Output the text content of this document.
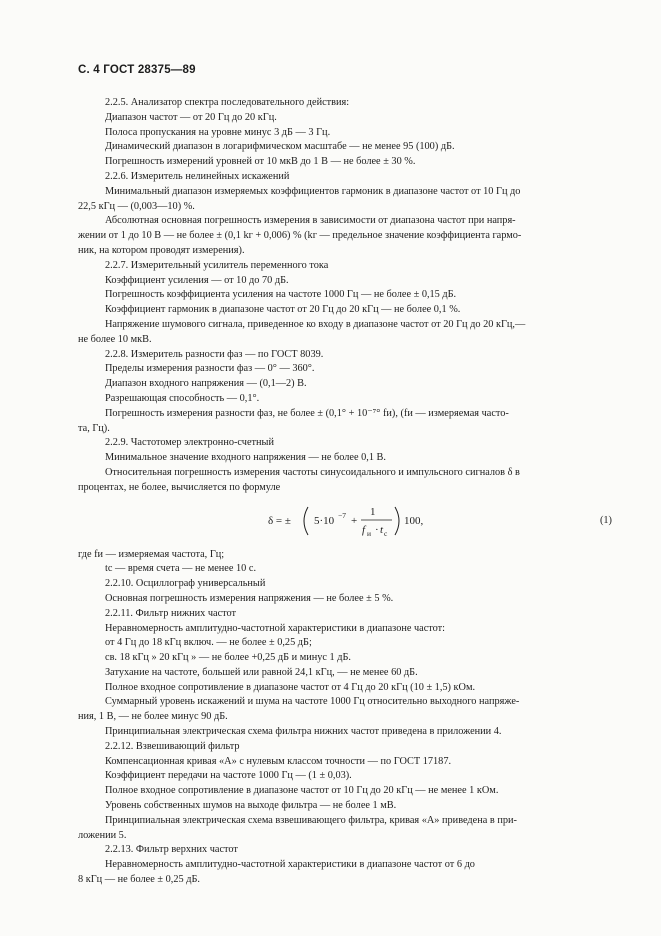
С. 4 ГОСТ 28375—89
2.2.5. Анализатор спектра последовательного действия:
Диапазон частот — от 20 Гц до 20 кГц.
Полоса пропускания на уровне минус 3 дБ — 3 Гц.
Динамический диапазон в логарифмическом масштабе — не менее 95 (100) дБ.
Погрешность измерений уровней от 10 мкВ до 1 В — не более ± 30 %.
2.2.6. Измеритель нелинейных искажений
Минимальный диапазон измеряемых коэффициентов гармоник в диапазоне частот от 10 Гц до
22,5 кГц — (0,003—10) %.
Абсолютная основная погрешность измерения в зависимости от диапазона частот при напря-
жении от 1 до 10 В — не более ± (0,1 kг + 0,006) % (kг — предельное значение коэффициента гармо-
ник, на котором проводят измерения).
2.2.7. Измерительный усилитель переменного тока
Коэффициент усиления — от 10 до 70 дБ.
Погрешность коэффициента усиления на частоте 1000 Гц — не более ± 0,15 дБ.
Коэффициент гармоник в диапазоне частот от 20 Гц до 20 кГц — не более 0,1 %.
Напряжение шумового сигнала, приведенное ко входу в диапазоне частот от 20 Гц до 20 кГц,—
не более 10 мкВ.
2.2.8. Измеритель разности фаз — по ГОСТ 8039.
Пределы измерения разности фаз — 0° — 360°.
Диапазон входного напряжения — (0,1—2) В.
Разрешающая способность — 0,1°.
Погрешность измерения разности фаз, не более ± (0,1° + 10⁻⁷° fи), (fи — измеряемая часто-
та, Гц).
2.2.9. Частотомер электронно-счетный
Минимальное значение входного напряжения — не более 0,1 В.
Относительная погрешность измерения частоты синусоидального и импульсного сигналов δ в
процентах, не более, вычисляется по формуле
δ = ± 5·10 −7 +
1
f и · t с
100,	(1)
где fи — измеряемая частота, Гц;
tс — время счета — не менее 10 с.
2.2.10. Осциллограф универсальный
Основная погрешность измерения напряжения — не более ± 5 %.
2.2.11. Фильтр нижних частот
Неравномерность амплитудно-частотной характеристики в диапазоне частот:
от 4 Гц до 18 кГц включ. — не более ± 0,25 дБ;
св. 18 кГц » 20 кГц » — не более +0,25 дБ и минус 1 дБ.
Затухание на частоте, большей или равной 24,1 кГц, — не менее 60 дБ.
Полное входное сопротивление в диапазоне частот от 4 Гц до 20 кГц (10 ± 1,5) кОм.
Суммарный уровень искажений и шума на частоте 1000 Гц относительно выходного напряже-
ния, 1 В, — не более минус 90 дБ.
Принципиальная электрическая схема фильтра нижних частот приведена в приложении 4.
2.2.12. Взвешивающий фильтр
Компенсационная кривая «А» с нулевым классом точности — по ГОСТ 17187.
Коэффициент передачи на частоте 1000 Гц — (1 ± 0,03).
Полное входное сопротивление в диапазоне частот от 10 Гц до 20 кГц — не менее 1 кОм.
Уровень собственных шумов на выходе фильтра — не более 1 мВ.
Принципиальная электрическая схема взвешивающего фильтра, кривая «А» приведена в при-
ложении 5.
2.2.13. Фильтр верхних частот
Неравномерность амплитудно-частотной характеристики в диапазоне частот от 6 до
8 кГц — не более ± 0,25 дБ.
